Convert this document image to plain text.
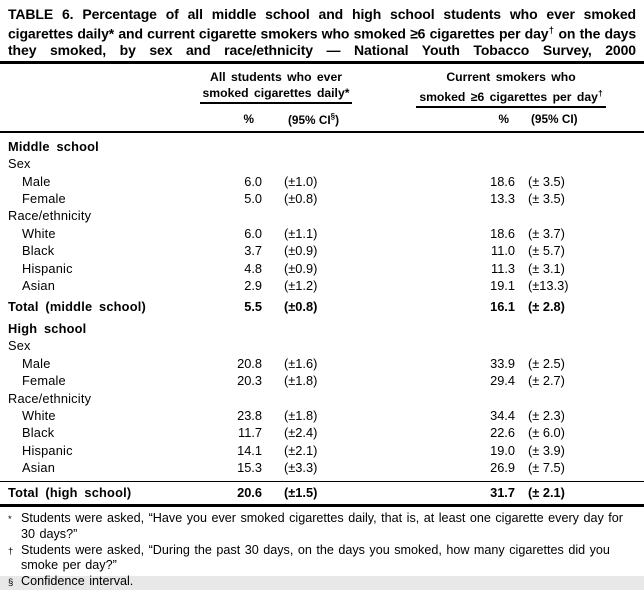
TABLE 6. Percentage of all middle school and high school students who ever smoked cigarettes daily* and current cigarette smokers who smoked ≥6 cigarettes per day† on the days they smoked, by sex and race/ethnicity — National Youth Tobacco Survey, 2000
All students who ever
smoked cigarettes daily*
Current smokers who
smoked ≥6 cigarettes per day†
%	(95% CI§)	%	(95% CI)
Middle school
Sex
Male	6.0	(±1.0)	18.6	(± 3.5)
Female	5.0	(±0.8)	13.3	(± 3.5)
Race/ethnicity
White	6.0	(±1.1)	18.6	(± 3.7)
Black	3.7	(±0.9)	11.0	(± 5.7)
Hispanic	4.8	(±0.9)	11.3	(± 3.1)
Asian	2.9	(±1.2)	19.1	(±13.3)
Total (middle school)	5.5	(±0.8)	16.1	(± 2.8)
High school
Sex
Male	20.8	(±1.6)	33.9	(± 2.5)
Female	20.3	(±1.8)	29.4	(± 2.7)
Race/ethnicity
White	23.8	(±1.8)	34.4	(± 2.3)
Black	11.7	(±2.4)	22.6	(± 6.0)
Hispanic	14.1	(±2.1)	19.0	(± 3.9)
Asian	15.3	(±3.3)	26.9	(± 7.5)
Total (high school)	20.6	(±1.5)	31.7	(± 2.1)
* Students were asked, “Have you ever smoked cigarettes daily, that is, at least one cigarette every day for 30 days?”
† Students were asked, “During the past 30 days, on the days you smoked, how many cigarettes did you smoke per day?”
§ Confidence interval.
